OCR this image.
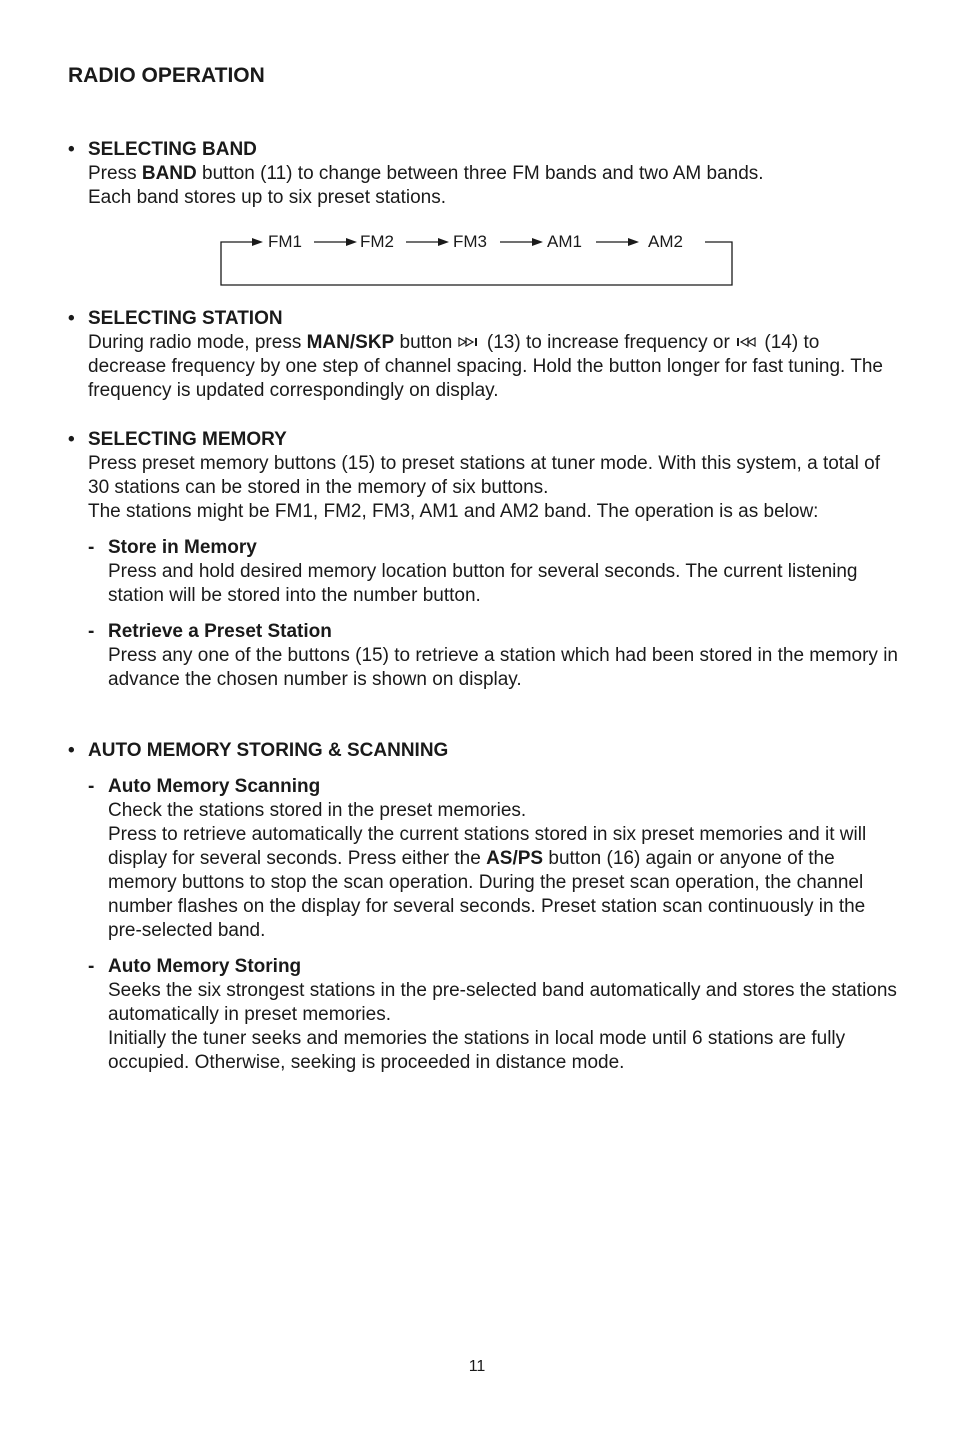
RADIO OPERATION
• SELECTING BAND
Press BAND button (11) to change between three FM bands and two AM bands.
Each band stores up to six preset stations.
FM1	FM2	FM3	AM1	AM2
• SELECTING STATION
During radio mode, press MAN/SKP button  (13) to increase frequency or  (14) to decrease frequency by one step of channel spacing. Hold the button longer for fast tuning. The frequency is updated correspondingly on display.
• SELECTING MEMORY
Press preset memory buttons (15) to preset stations at tuner mode. With this system, a total of 30 stations can be stored in the memory of six buttons.
The stations might be FM1, FM2, FM3, AM1 and AM2 band. The operation is as below:
- Store in Memory
Press and hold desired memory location button for several seconds. The current listening station will be stored into the number button.
- Retrieve a Preset Station
Press any one of the buttons (15) to retrieve a station which had been stored in the memory in advance the chosen number is shown on display.
• AUTO MEMORY STORING & SCANNING
- Auto Memory Scanning
Check the stations stored in the preset memories.
Press to retrieve automatically the current stations stored in six preset memories and it will display for several seconds. Press either the AS/PS button (16) again or anyone of the memory buttons to stop the scan operation. During the preset scan operation, the channel number flashes on the display for several seconds. Preset station scan continuously in the pre-selected band.
- Auto Memory Storing
Seeks the six strongest stations in the pre-selected band automatically and stores the stations automatically in preset memories.
Initially the tuner seeks and memories the stations in local mode until 6 stations are fully occupied. Otherwise, seeking is proceeded in distance mode.
11
